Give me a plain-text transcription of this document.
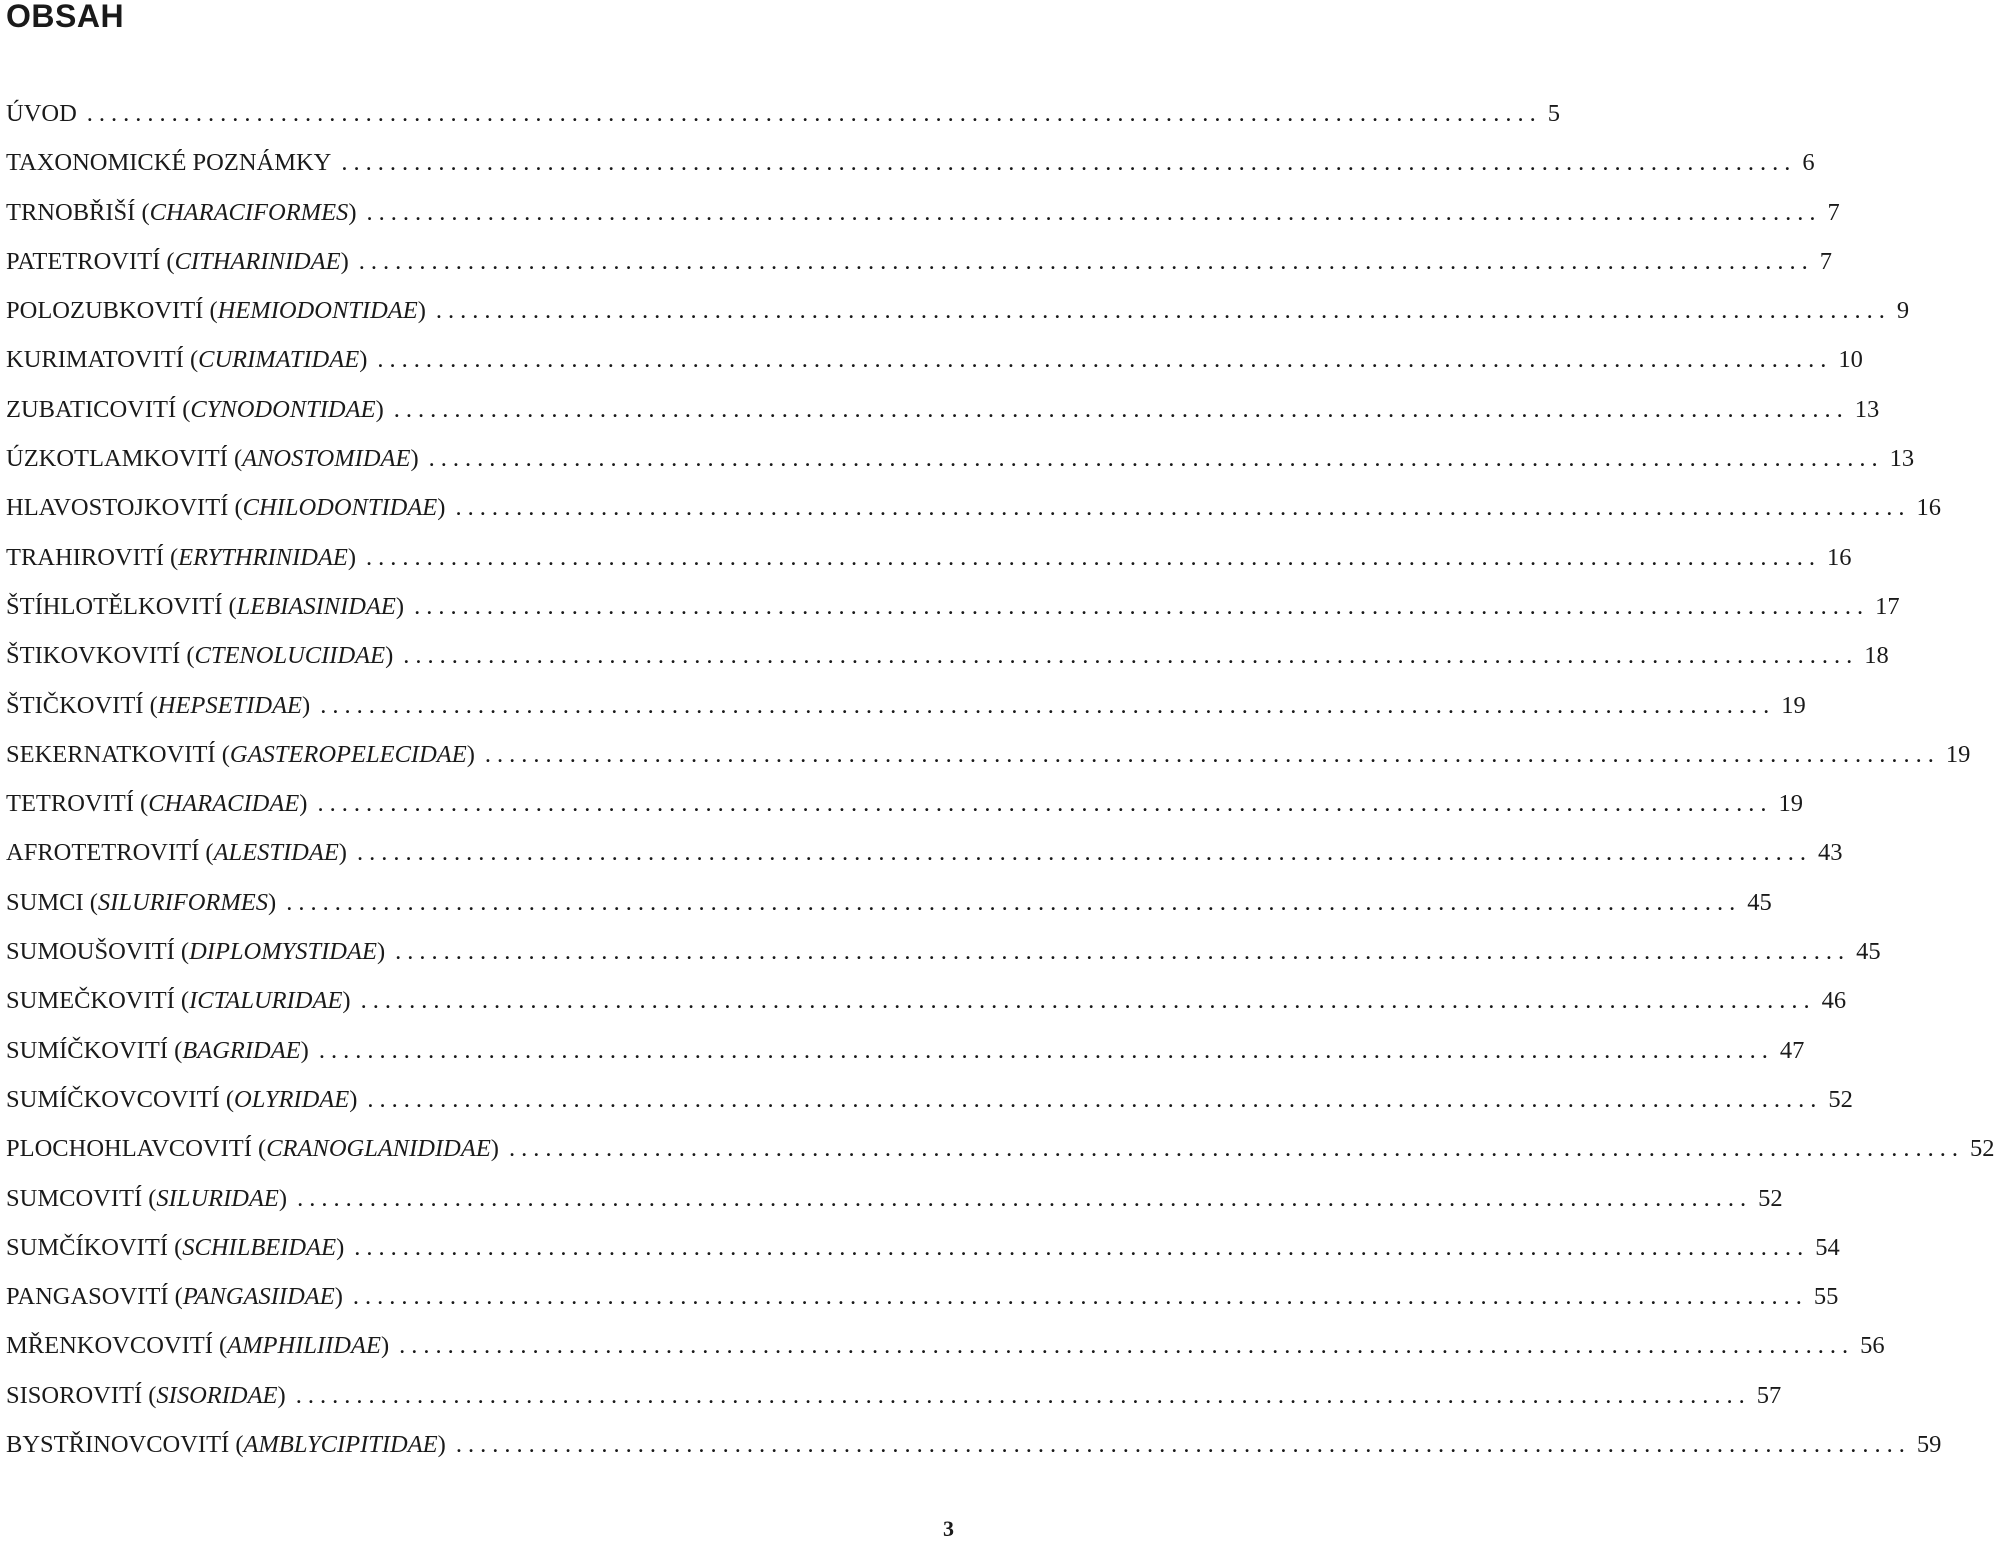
OBSAH
ÚVOD ........................................................................................................................ 5
TAXONOMICKÉ POZNÁMKY ........................................................................................................................ 6
TRNOBŘIŠÍ (CHARACIFORMES) ........................................................................................................................ 7
PATETROVITÍ (CITHARINIDAE) ........................................................................................................................ 7
POLOZUBKOVITÍ (HEMIODONTIDAE) ........................................................................................................................ 9
KURIMATOVITÍ (CURIMATIDAE) ........................................................................................................................ 10
ZUBATICOVITÍ (CYNODONTIDAE) ........................................................................................................................ 13
ÚZKOTLAMKOVITÍ (ANOSTOMIDAE) ........................................................................................................................ 13
HLAVOSTOJKOVITÍ (CHILODONTIDAE) ........................................................................................................................ 16
TRAHIROVITÍ (ERYTHRINIDAE) ........................................................................................................................ 16
ŠTÍHLOTĚLKOVITÍ (LEBIASINIDAE) ........................................................................................................................ 17
ŠTIKOVKOVITÍ (CTENOLUCIIDAE) ........................................................................................................................ 18
ŠTIČKOVITÍ (HEPSETIDAE) ........................................................................................................................ 19
SEKERNATKOVITÍ (GASTEROPELECIDAE) ........................................................................................................................ 19
TETROVITÍ (CHARACIDAE) ........................................................................................................................ 19
AFROTETROVITÍ (ALESTIDAE) ........................................................................................................................ 43
SUMCI (SILURIFORMES) ........................................................................................................................ 45
SUMOUŠOVITÍ (DIPLOMYSTIDAE) ........................................................................................................................ 45
SUMEČKOVITÍ (ICTALURIDAE) ........................................................................................................................ 46
SUMÍČKOVITÍ (BAGRIDAE) ........................................................................................................................ 47
SUMÍČKOVCOVITÍ (OLYRIDAE) ........................................................................................................................ 52
PLOCHOHLAVCOVITÍ (CRANOGLANIDIDAE) ........................................................................................................................ 52
SUMCOVITÍ (SILURIDAE) ........................................................................................................................ 52
SUMČÍKOVITÍ (SCHILBEIDAE) ........................................................................................................................ 54
PANGASOVITÍ (PANGASIIDAE) ........................................................................................................................ 55
MŘENKOVCOVITÍ (AMPHILIIDAE) ........................................................................................................................ 56
SISOROVITÍ (SISORIDAE) ........................................................................................................................ 57
BYSTŘINOVCOVITÍ (AMBLYCIPITIDAE) ........................................................................................................................ 59
3
